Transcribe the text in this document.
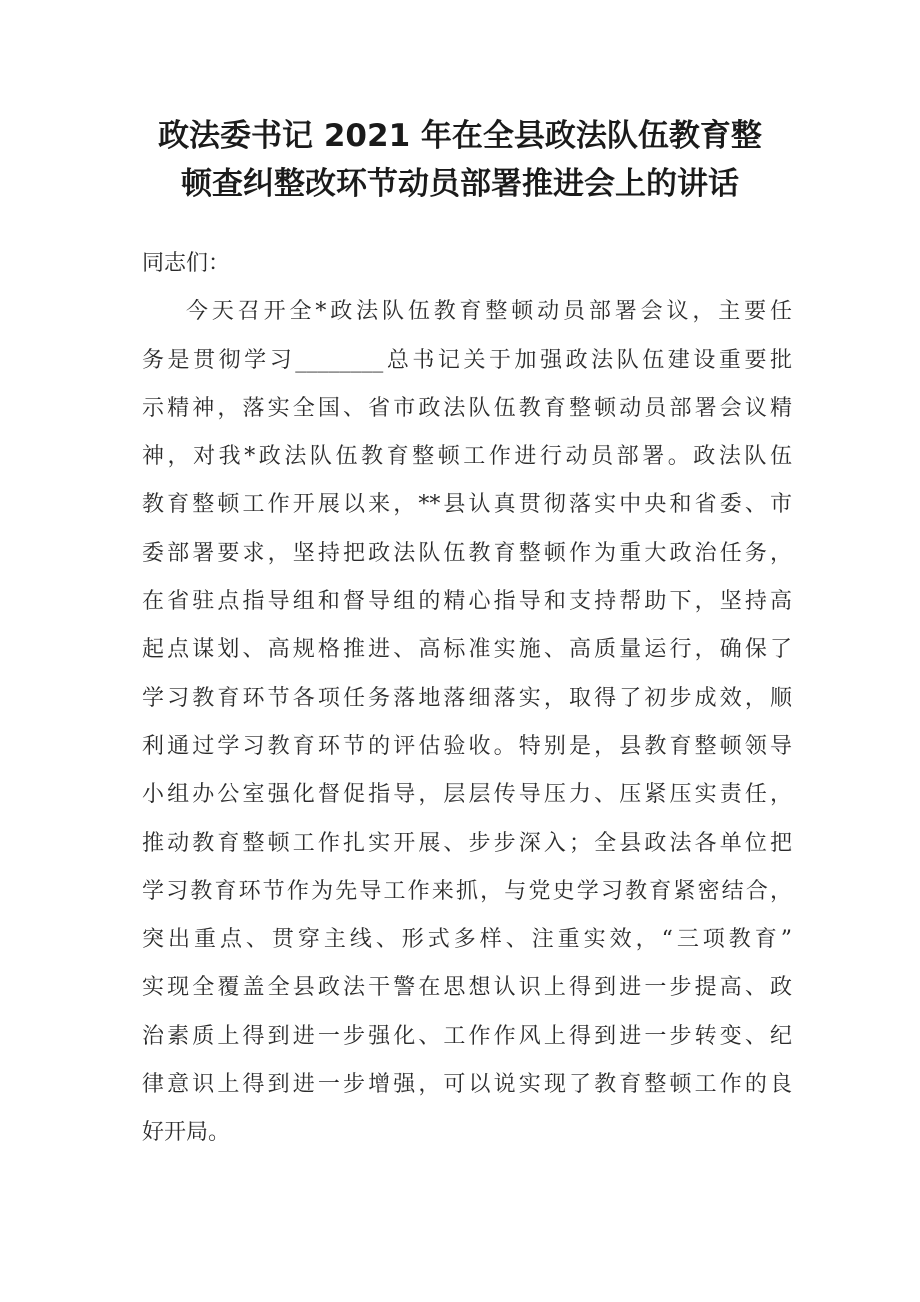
政法委书记 2021 年在全县政法队伍教育整
顿查纠整改环节动员部署推进会上的讲话
同志们：
今天召开全*政法队伍教育整顿动员部署会议，主要任
务是贯彻学习________总书记关于加强政法队伍建设重要批
示精神，落实全国、省市政法队伍教育整顿动员部署会议精
神，对我*政法队伍教育整顿工作进行动员部署。政法队伍
教育整顿工作开展以来，**县认真贯彻落实中央和省委、市
委部署要求，坚持把政法队伍教育整顿作为重大政治任务，
在省驻点指导组和督导组的精心指导和支持帮助下，坚持高
起点谋划、高规格推进、高标准实施、高质量运行，确保了
学习教育环节各项任务落地落细落实，取得了初步成效，顺
利通过学习教育环节的评估验收。特别是，县教育整顿领导
小组办公室强化督促指导，层层传导压力、压紧压实责任，
推动教育整顿工作扎实开展、步步深入；全县政法各单位把
学习教育环节作为先导工作来抓，与党史学习教育紧密结合，
突出重点、贯穿主线、形式多样、注重实效，“三项教育”
实现全覆盖全县政法干警在思想认识上得到进一步提高、政
治素质上得到进一步强化、工作作风上得到进一步转变、纪
律意识上得到进一步增强，可以说实现了教育整顿工作的良
好开局。
